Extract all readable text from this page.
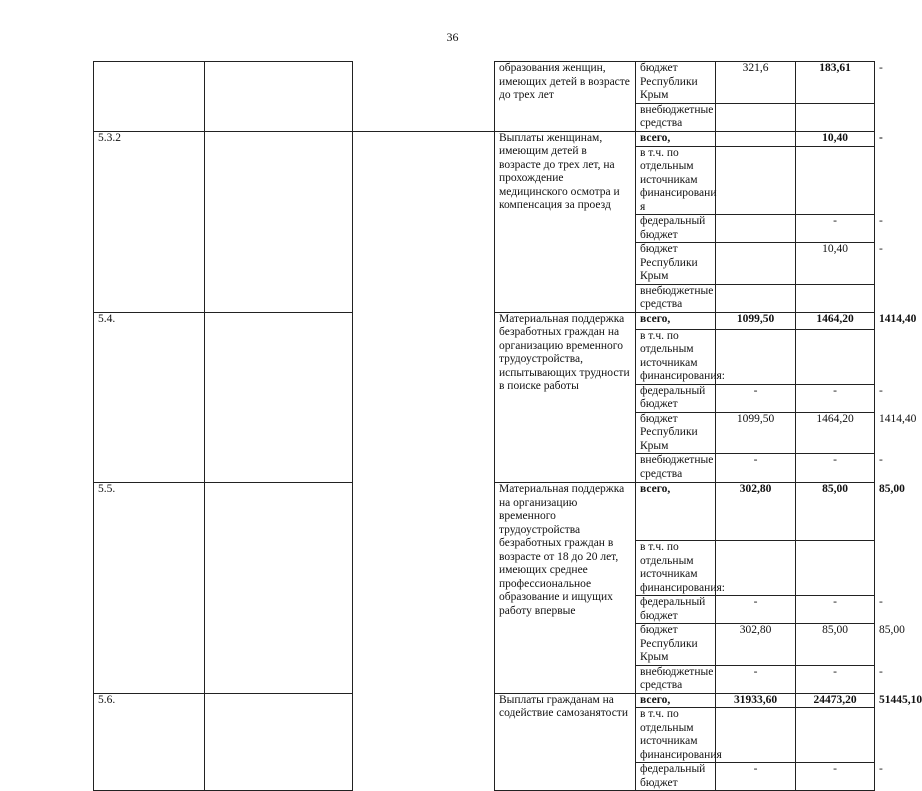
36
			образования женщин, имеющих детей в возрасте до трех лет	бюджет Республики Крым	321,6	183,61	-
				внебюджетные средства			
5.3.2			Выплаты женщинам, имеющим детей в возрасте до трех лет, на прохождение медицинского осмотра и компенсация за проезд	всего,		10,40	-
				в т.ч. по отдельным источникам финансировани я			
				федеральный бюджет		-	-
				бюджет Республики Крым		10,40	-
				внебюджетные средства			
5.4.			Материальная поддержка безработных граждан на организацию временного трудоустройства, испытывающих трудности в поиске работы	всего,	1099,50	1464,20	1414,40
				в т.ч. по отдельным источникам финансирования:			
				федеральный бюджет	-	-	-
				бюджет Республики Крым	1099,50	1464,20	1414,40
				внебюджетные средства	-	-	-
5.5.			Материальная поддержка на организацию временного трудоустройства безработных граждан в возрасте от 18 до 20 лет, имеющих среднее профессиональное образование и ищущих работу впервые	всего,	302,80	85,00	85,00
				в т.ч. по отдельным источникам финансирования:			
				федеральный бюджет	-	-	-
				бюджет Республики Крым	302,80	85,00	85,00
				внебюджетные средства	-	-	-
5.6.			Выплаты гражданам на содействие самозанятости	всего,	31933,60	24473,20	51445,10
				в т.ч. по отдельным источникам финансирования			
				федеральный бюджет	-	-	-
